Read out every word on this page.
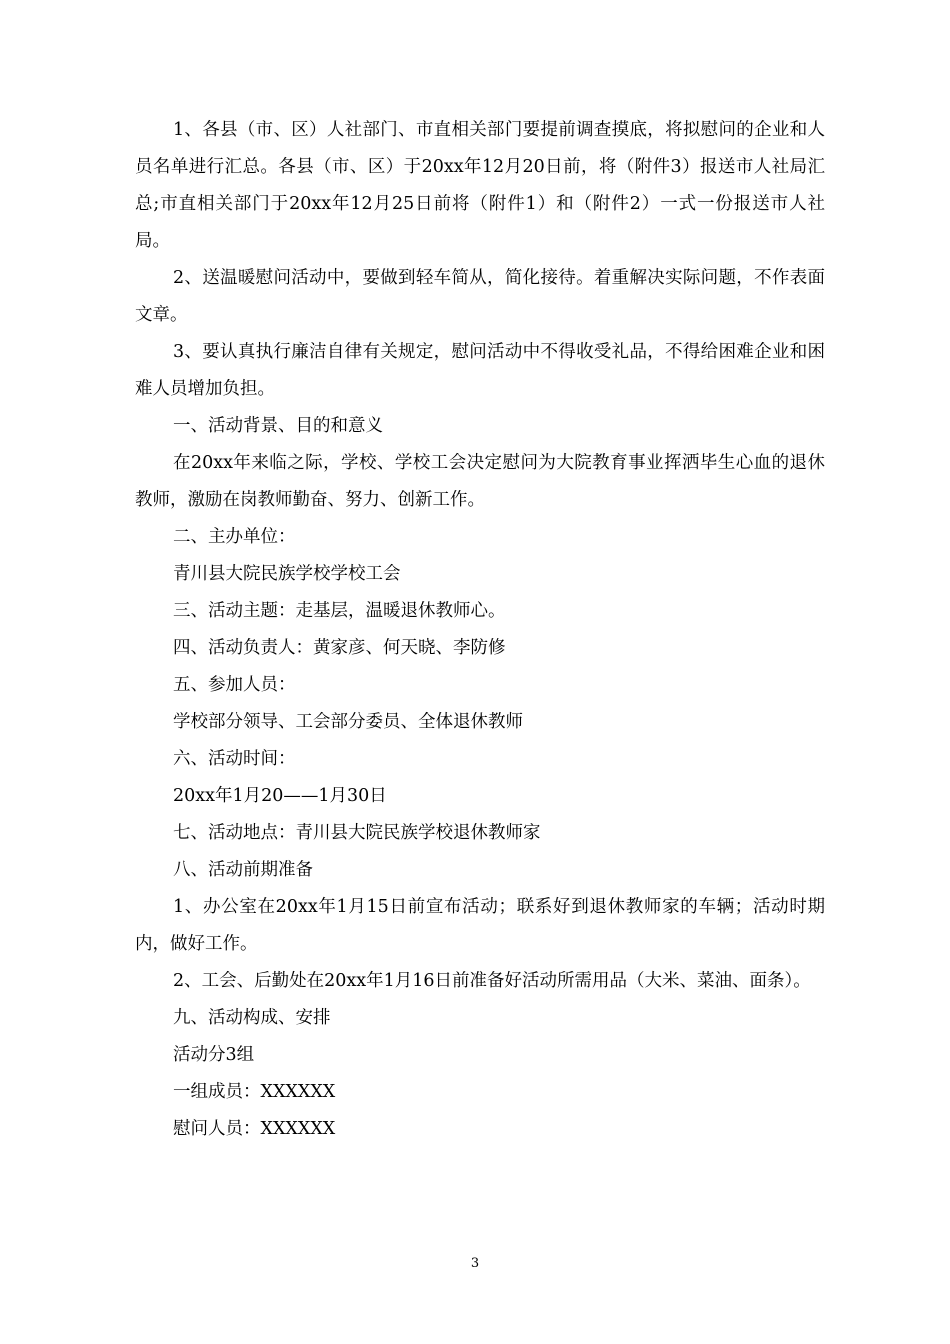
1、各县（市、区）人社部门、市直相关部门要提前调查摸底，将拟慰问的企业和人员名单进行汇总。各县（市、区）于20xx年12月20日前，将（附件3）报送市人社局汇总;市直相关部门于20xx年12月25日前将（附件1）和（附件2）一式一份报送市人社局。

2、送温暖慰问活动中，要做到轻车简从，简化接待。着重解决实际问题，不作表面文章。

3、要认真执行廉洁自律有关规定，慰问活动中不得收受礼品，不得给困难企业和困难人员增加负担。

一、活动背景、目的和意义

在20xx年来临之际，学校、学校工会决定慰问为大院教育事业挥洒毕生心血的退休教师，激励在岗教师勤奋、努力、创新工作。

二、主办单位：

青川县大院民族学校学校工会

三、活动主题：走基层，温暖退休教师心。

四、活动负责人：黄家彦、何天晓、李防修

五、参加人员：

学校部分领导、工会部分委员、全体退休教师

六、活动时间：

20xx年1月20——1月30日

七、活动地点：青川县大院民族学校退休教师家

八、活动前期准备

1、办公室在20xx年1月15日前宣布活动；联系好到退休教师家的车辆；活动时期内，做好工作。

2、工会、后勤处在20xx年1月16日前准备好活动所需用品（大米、菜油、面条）。

九、活动构成、安排

活动分3组

一组成员：XXXXXX

慰问人员：XXXXXX

3
